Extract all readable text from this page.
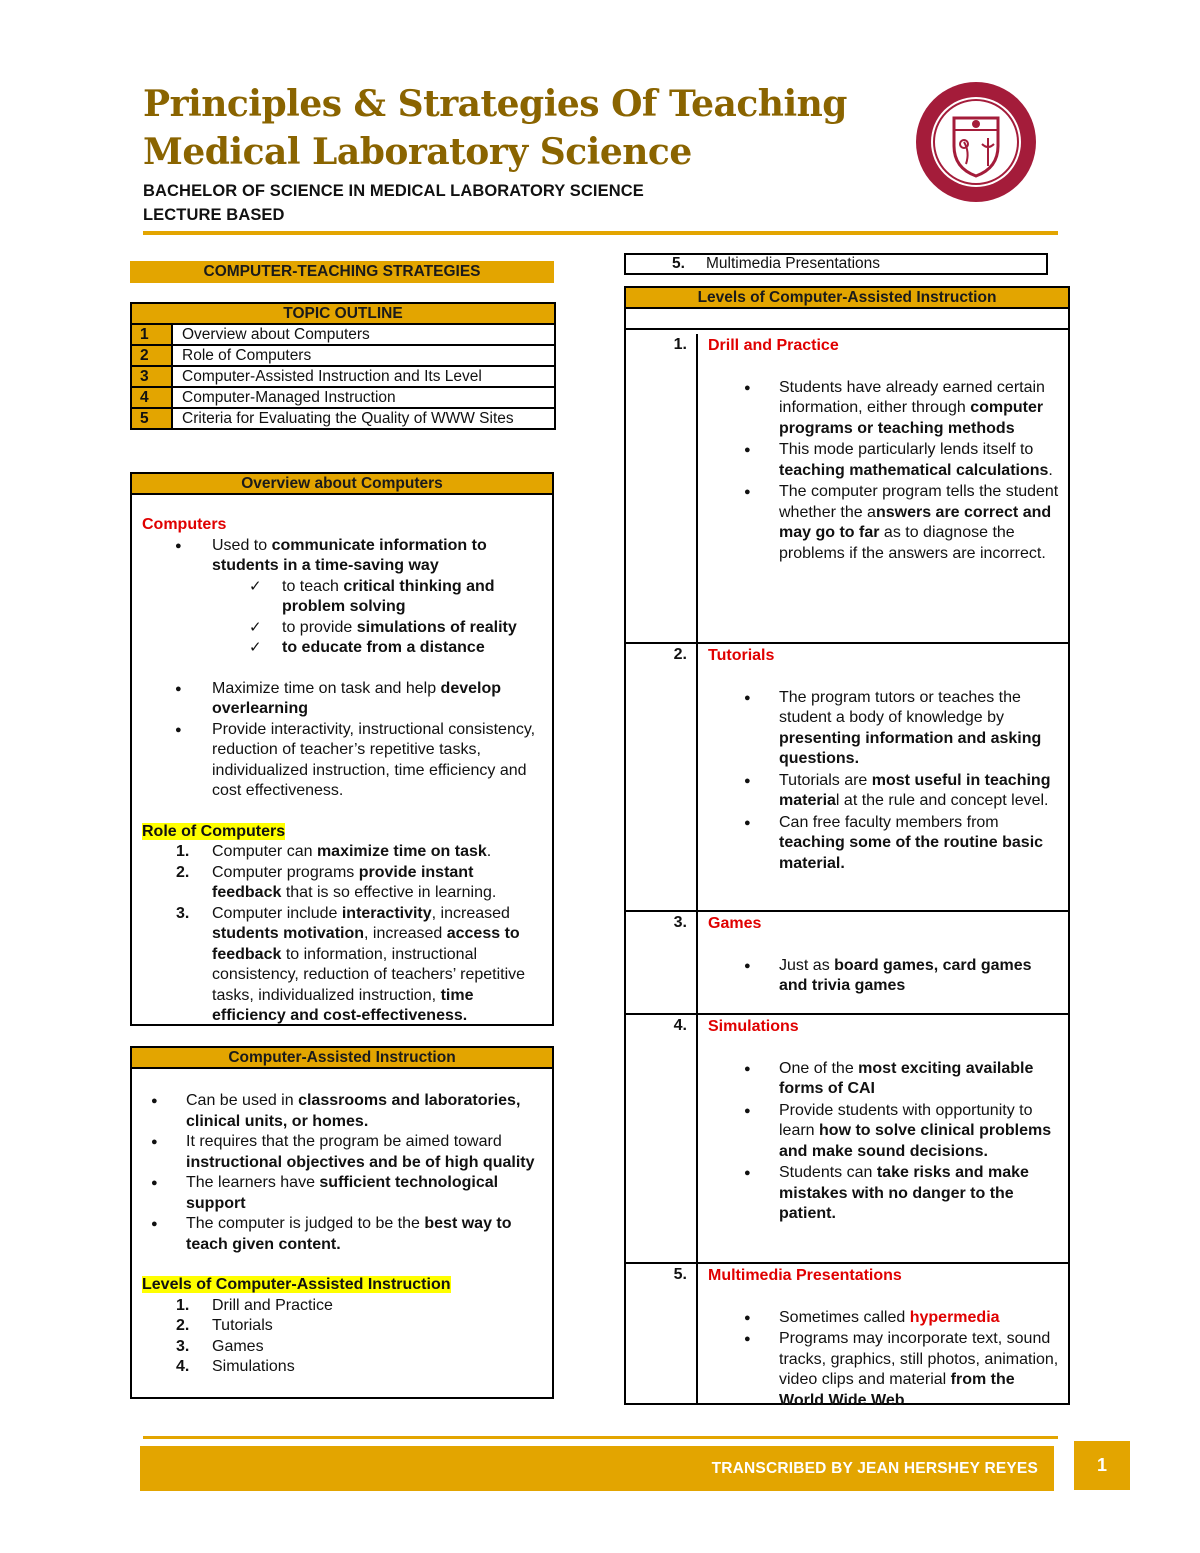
Principles & Strategies Of Teaching
Medical Laboratory Science
BACHELOR OF SCIENCE IN MEDICAL LABORATORY SCIENCE
LECTURE BASED
COMPUTER-TEACHING STRATEGIES
TOPIC OUTLINE
1	Overview about Computers
2	Role of Computers
3	Computer-Assisted Instruction and Its Level
4	Computer-Managed Instruction
5	Criteria for Evaluating the Quality of WWW Sites
Overview about Computers
Computers
● Used to communicate information to students in a time-saving way
✓ to teach critical thinking and problem solving
✓ to provide simulations of reality
✓ to educate from a distance
● Maximize time on task and help develop overlearning
● Provide interactivity, instructional consistency, reduction of teacher’s repetitive tasks, individualized instruction, time efficiency and cost effectiveness.
Role of Computers
1. Computer can maximize time on task.
2. Computer programs provide instant feedback that is so effective in learning.
3. Computer include interactivity, increased students motivation, increased access to feedback to information, instructional consistency, reduction of teachers’ repetitive tasks, individualized instruction, time efficiency and cost-effectiveness.
Computer-Assisted Instruction
● Can be used in classrooms and laboratories, clinical units, or homes.
● It requires that the program be aimed toward instructional objectives and be of high quality
● The learners have sufficient technological support
● The computer is judged to be the best way to teach given content.
Levels of Computer-Assisted Instruction
1. Drill and Practice
2. Tutorials
3. Games
4. Simulations
5. Multimedia Presentations
Levels of Computer-Assisted Instruction
1.	Drill and Practice
● Students have already earned certain information, either through computer programs or teaching methods
● This mode particularly lends itself to teaching mathematical calculations.
● The computer program tells the student whether the answers are correct and may go to far as to diagnose the problems if the answers are incorrect.
2.	Tutorials
● The program tutors or teaches the student a body of knowledge by presenting information and asking questions.
● Tutorials are most useful in teaching material at the rule and concept level.
● Can free faculty members from teaching some of the routine basic material.
3.	Games
● Just as board games, card games and trivia games
4.	Simulations
● One of the most exciting available forms of CAI
● Provide students with opportunity to learn how to solve clinical problems and make sound decisions.
● Students can take risks and make mistakes with no danger to the patient.
5.	Multimedia Presentations
● Sometimes called hypermedia
● Programs may incorporate text, sound tracks, graphics, still photos, animation, video clips and material from the World Wide Web
TRANSCRIBED BY JEAN HERSHEY REYES	1
